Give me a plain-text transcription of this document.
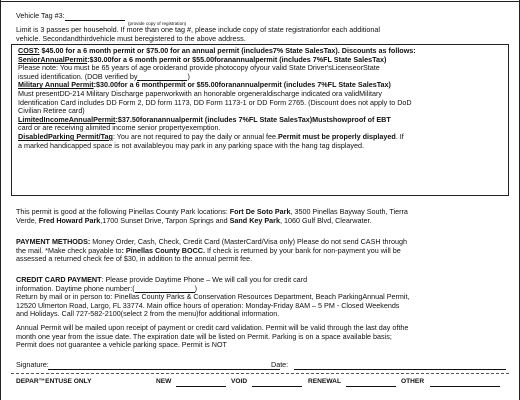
Vehicle Tag #3:
(provide copy of registration)
Limit is 3 passes per household. If more than one tag #, please include copy of state registrationfor each additional
vehicle. Secondandthirdvehicle must beregistered to the above address.
COST: $45.00 for a 6 month permit or $75.00 for an annual permit (includes7% State SalesTax). Discounts as follows:
SeniorAnnualPermit:$30.00for a 6 month permit or $55.00foranannualpermit (includes 7%FL State SalesTax)
Please note: You must be 65 years of age oroiderand provide photocopy ofyour valid State Driver'sLicenseorState
issued identification. (DOB verified by	)
Military Annual Permit:$30.00for a 6 monthpermit or $55.00foranannualpermit (includes 7%FL State SalesTax)
Must presentDD-214 Military Discharge paperworkwith an honorable orgeneraldischarge indicated ora validMilitary
Identification Card includes DD Form 2, DD form 1173, DD Form 1173-1 or DD Form 2765. (Discount does not apply to DoD
Civilian Retiree card)
LimitedIncomeAnnualPermit:$37.50foranannualpermit (includes 7%FL State SalesTax)Mustshowproof of EBT
card or are receiving alimited income senior propertyexemption.
DisabledParking Permit/Tag: You are not required to pay the daily or annual fee.Permit must be properly displayed. If
a marked handicapped space is not availableyou may park in any parking space with the hang tag displayed.
This permit is good at the following Pinellas County Park locations: Fort De Soto Park, 3500 Pinellas Bayway South, Tierra
Verde, Fred Howard Park,1700 Sunset Drive, Tarpon Springs and Sand Key Park, 1060 Gulf Blvd, Clearwater.
PAYMENT METHODS: Money Order, Cash, Check, Credit Card (MasterCard/Visa only) Please do not send CASH through
the mail. *Make check payable to: Pinellas County BOCC. If check is returned by your bank for non-payment you will be
assessed a returned check fee of $30, in addition to the annual permit fee.
CREDIT CARD PAYMENT: Please provide Daytime Phone – We will call you for credit card
information. Daytime phone number:(	)
Return by mail or in person to: Pinellas County Parks & Conservation Resources Department, Beach ParkingAnnual Permit,
12520 Ulmerton Road, Largo, FL 33774. Main office hours of operation: Monday-Friday 8AM – 5 PM - Closed Weekends
and Holidays. Call 727-582-2100(select 2 from the menu)for additional information.
Annual Permit will be mailed upon receipt of payment or credit card validation. Permit will be valid through the last day ofthe
month one year from the issue date. The expiration date will be listed on Permit. Parking is on a space available basis;
Permit does not guarantee a vehicle parking space. Permit is NOT
Signature:	Date:
DEPAR™ENTUSE ONLY	NEW	VOID	RENEWAL	OTHER
